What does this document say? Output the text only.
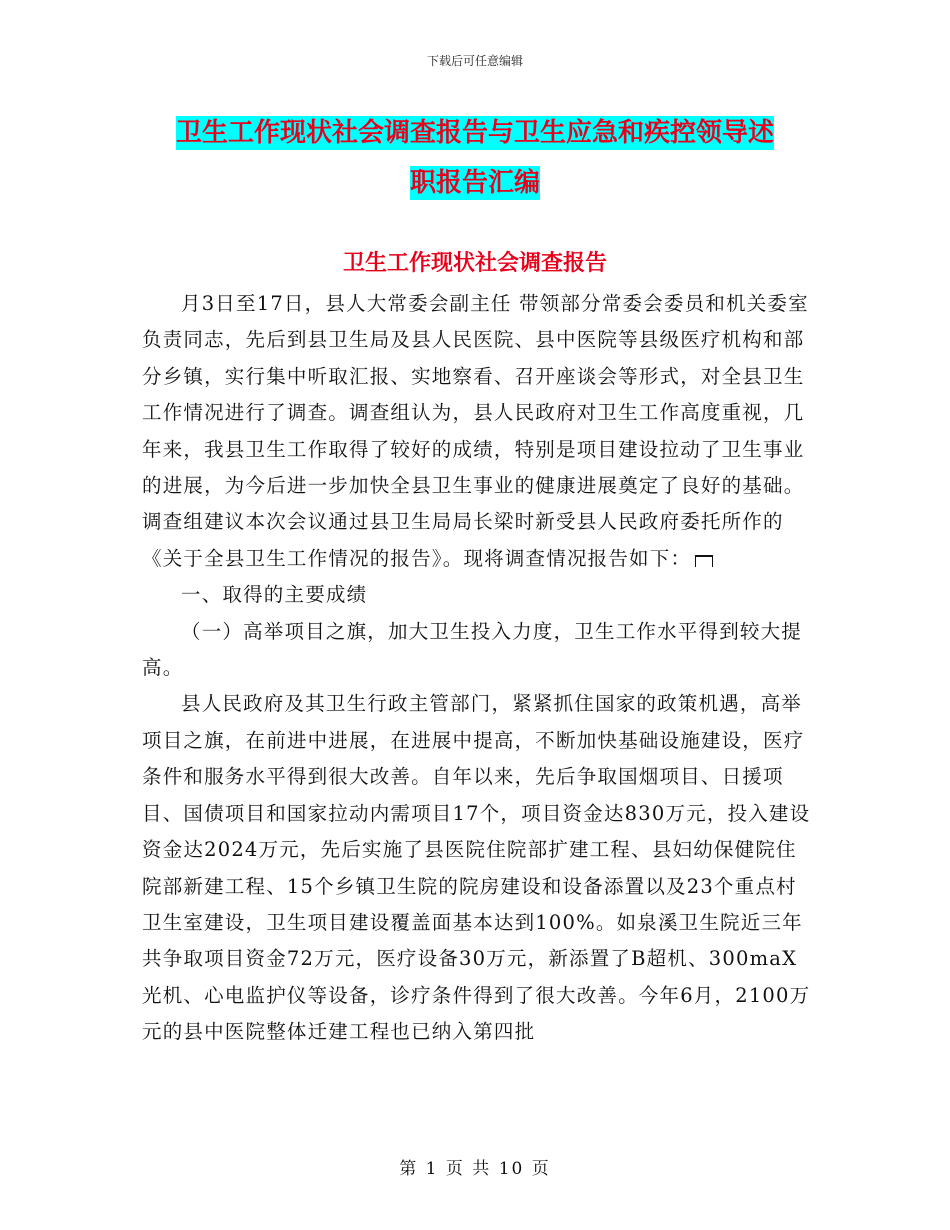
下载后可任意编辑
卫生工作现状社会调查报告与卫生应急和疾控领导述
职报告汇编
卫生工作现状社会调查报告

月3日至17日，县人大常委会副主任 带领部分常委会委员和机关委室负责同志，先后到县卫生局及县人民医院、县中医院等县级医疗机构和部分乡镇，实行集中听取汇报、实地察看、召开座谈会等形式，对全县卫生工作情况进行了调查。调查组认为，县人民政府对卫生工作高度重视，几年来，我县卫生工作取得了较好的成绩，特别是项目建设拉动了卫生事业的进展，为今后进一步加快全县卫生事业的健康进展奠定了良好的基础。调查组建议本次会议通过县卫生局局长梁时新受县人民政府委托所作的《关于全县卫生工作情况的报告》。现将调查情况报告如下：

一、取得的主要成绩

（一）高举项目之旗，加大卫生投入力度，卫生工作水平得到较大提高。

县人民政府及其卫生行政主管部门，紧紧抓住国家的政策机遇，高举项目之旗，在前进中进展，在进展中提高，不断加快基础设施建设，医疗条件和服务水平得到很大改善。自年以来，先后争取国烟项目、日援项目、国债项目和国家拉动内需项目17个，项目资金达830万元，投入建设资金达2024万元，先后实施了县医院住院部扩建工程、县妇幼保健院住院部新建工程、15个乡镇卫生院的院房建设和设备添置以及23个重点村卫生室建设，卫生项目建设覆盖面基本达到100%。如泉溪卫生院近三年共争取项目资金72万元，医疗设备30万元，新添置了B超机、300maX光机、心电监护仪等设备，诊疗条件得到了很大改善。今年6月，2100万元的县中医院整体迁建工程也已纳入第四批

第 1 页 共 10 页
